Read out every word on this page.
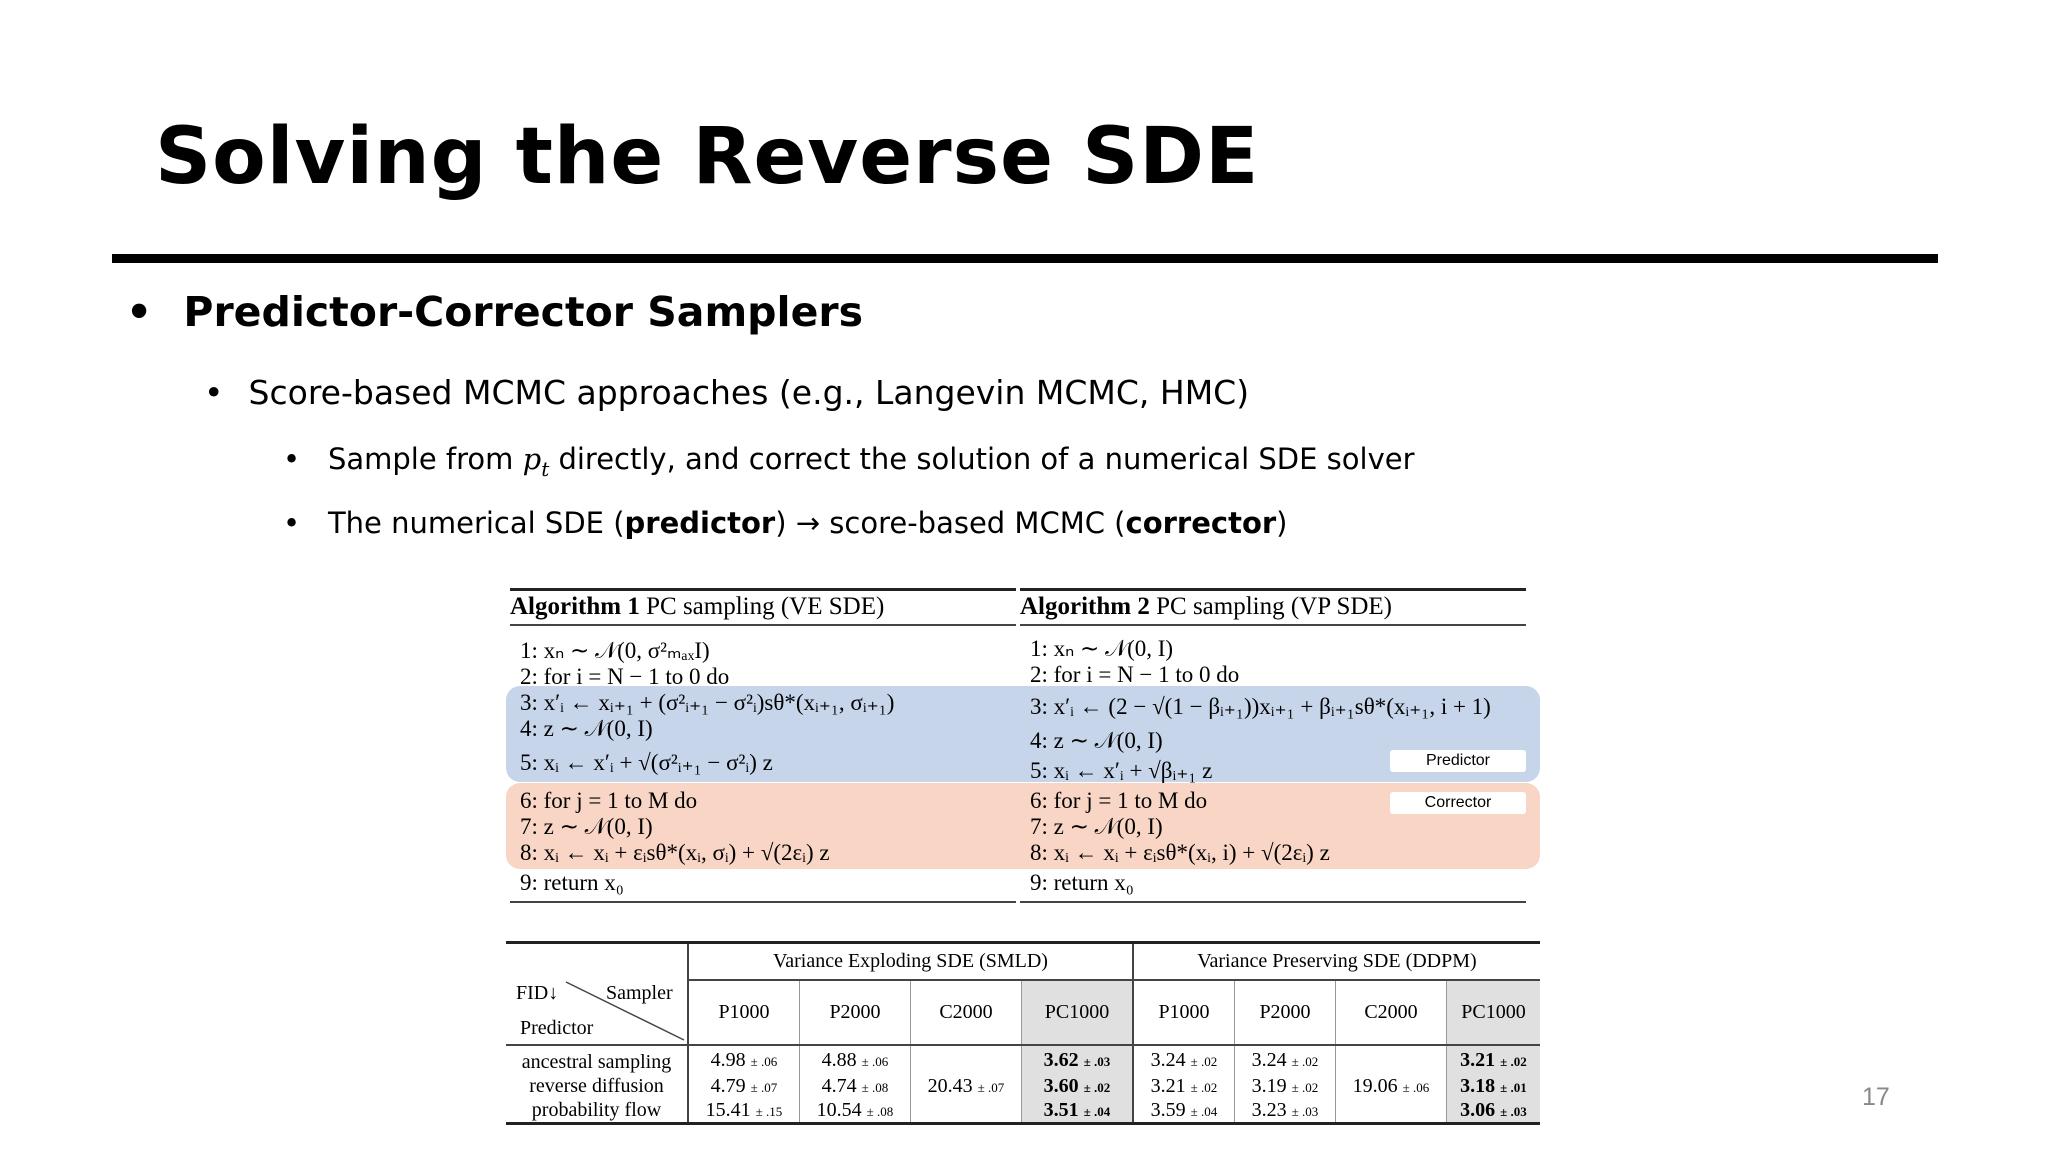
Solving the Reverse SDE
• Predictor-Corrector Samplers
• Score-based MCMC approaches (e.g., Langevin MCMC, HMC)
• Sample from $p_t$ directly, and correct the solution of a numerical SDE solver
• The numerical SDE (predictor) → score-based MCMC (corrector)
Predictor
Corrector
Algorithm 1 PC sampling (VE SDE)
1: xₙ ∼ 𝒩(0, σ²ₘₐₓI)
2: for i = N − 1 to 0 do
3: x′ᵢ ← xᵢ₊₁ + (σ²ᵢ₊₁ − σ²ᵢ)sθ*(xᵢ₊₁, σᵢ₊₁)
4: z ∼ 𝒩(0, I)
5: xᵢ ← x′ᵢ + √(σ²ᵢ₊₁ − σ²ᵢ) z
6: for j = 1 to M do
7: z ∼ 𝒩(0, I)
8: xᵢ ← xᵢ + εᵢsθ*(xᵢ, σᵢ) + √(2εᵢ) z
9: return x₀
Algorithm 2 PC sampling (VP SDE)
1: xₙ ∼ 𝒩(0, I)
2: for i = N − 1 to 0 do
3: x′ᵢ ← (2 − √(1 − βᵢ₊₁))xᵢ₊₁ + βᵢ₊₁sθ*(xᵢ₊₁, i + 1)
4: z ∼ 𝒩(0, I)
5: xᵢ ← x′ᵢ + √βᵢ₊₁ z
6: for j = 1 to M do
7: z ∼ 𝒩(0, I)
8: xᵢ ← xᵢ + εᵢsθ*(xᵢ, i) + √(2εᵢ) z
9: return x₀
	Variance Exploding SDE (SMLD)				Variance Preserving SDE (DDPM)			

FID↓ Sampler
Predictor	P1000	P2000	C2000	PC1000	P1000	P2000	C2000	PC1000
ancestral sampling	4.98 ± .06	4.88 ± .06		3.62 ± .03	3.24 ± .02	3.24 ± .02		3.21 ± .02
reverse diffusion	4.79 ± .07	4.74 ± .08	20.43 ± .07	3.60 ± .02	3.21 ± .02	3.19 ± .02	19.06 ± .06	3.18 ± .01
probability flow	15.41 ± .15	10.54 ± .08		3.51 ± .04	3.59 ± .04	3.23 ± .03		3.06 ± .03	17
